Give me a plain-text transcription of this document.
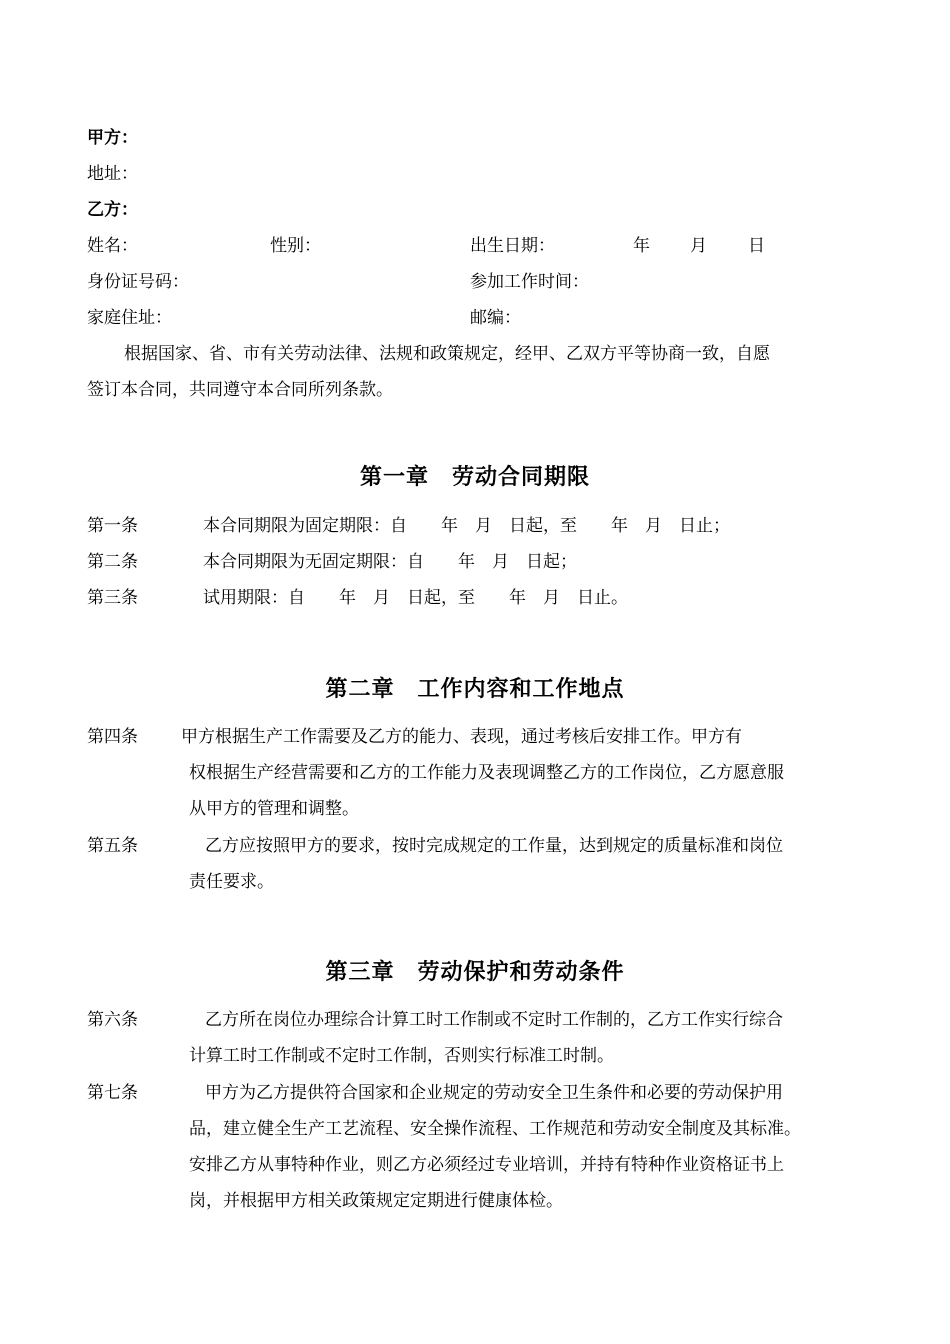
甲方：
地址：
乙方：
姓名：	性别：	出生日期：	年 月 日
身份证号码：	参加工作时间：
家庭住址：	邮编：
根据国家、省、市有关劳动法律、法规和政策规定，经甲、乙双方平等协商一致，自愿
签订本合同，共同遵守本合同所列条款。
第一章　劳动合同期限
第一条	本合同期限为固定期限：自　　年　月　日起，至　　年　月　日止；
第二条	本合同期限为无固定期限：自　　年　月　日起；
第三条	试用期限：自　　年　月　日起，至　　年　月　日止。
第二章　工作内容和工作地点
第四条	甲方根据生产工作需要及乙方的能力、表现，通过考核后安排工作。甲方有
权根据生产经营需要和乙方的工作能力及表现调整乙方的工作岗位，乙方愿意服
从甲方的管理和调整。
第五条	乙方应按照甲方的要求，按时完成规定的工作量，达到规定的质量标准和岗位
责任要求。
第三章　劳动保护和劳动条件
第六条	乙方所在岗位办理综合计算工时工作制或不定时工作制的，乙方工作实行综合
计算工时工作制或不定时工作制，否则实行标准工时制。
第七条	甲方为乙方提供符合国家和企业规定的劳动安全卫生条件和必要的劳动保护用
品，建立健全生产工艺流程、安全操作流程、工作规范和劳动安全制度及其标准。
安排乙方从事特种作业，则乙方必须经过专业培训，并持有特种作业资格证书上
岗，并根据甲方相关政策规定定期进行健康体检。
